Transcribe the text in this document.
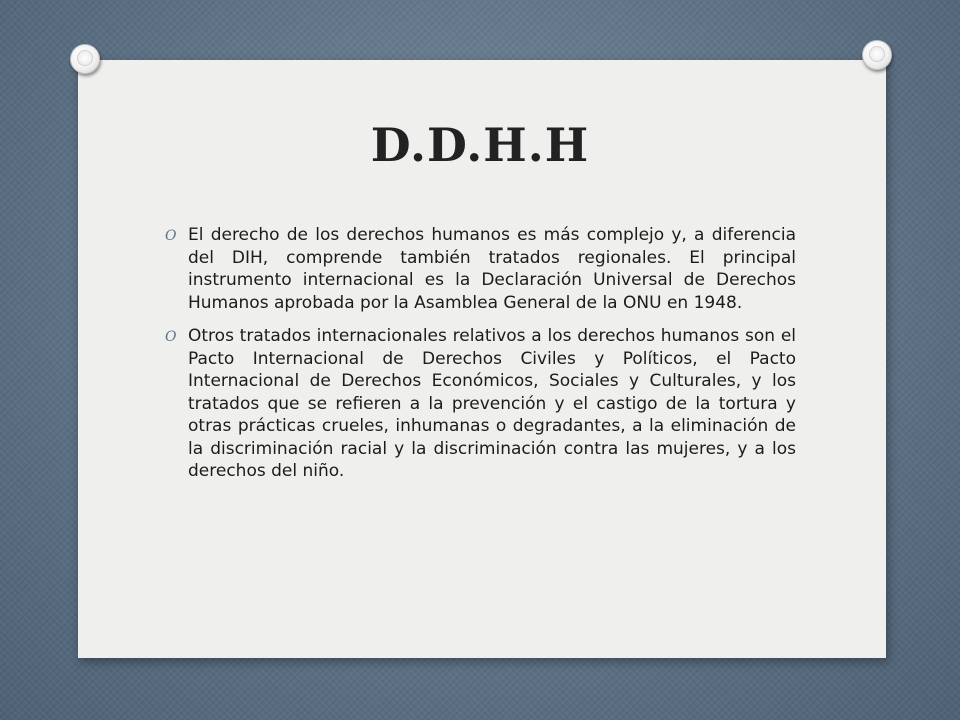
D.D.H.H
O El derecho de los derechos humanos es más complejo y, a diferencia del DIH, comprende también tratados regionales. El principal instrumento internacional es la Declaración Universal de Derechos Humanos aprobada por la Asamblea General de la ONU en 1948.
O Otros tratados internacionales relativos a los derechos humanos son el Pacto Internacional de Derechos Civiles y Políticos, el Pacto Internacional de Derechos Económicos, Sociales y Culturales, y los tratados que se refieren a la prevención y el castigo de la tortura y otras prácticas crueles, inhumanas o degradantes, a la eliminación de la discriminación racial y la discriminación contra las mujeres, y a los derechos del niño.
